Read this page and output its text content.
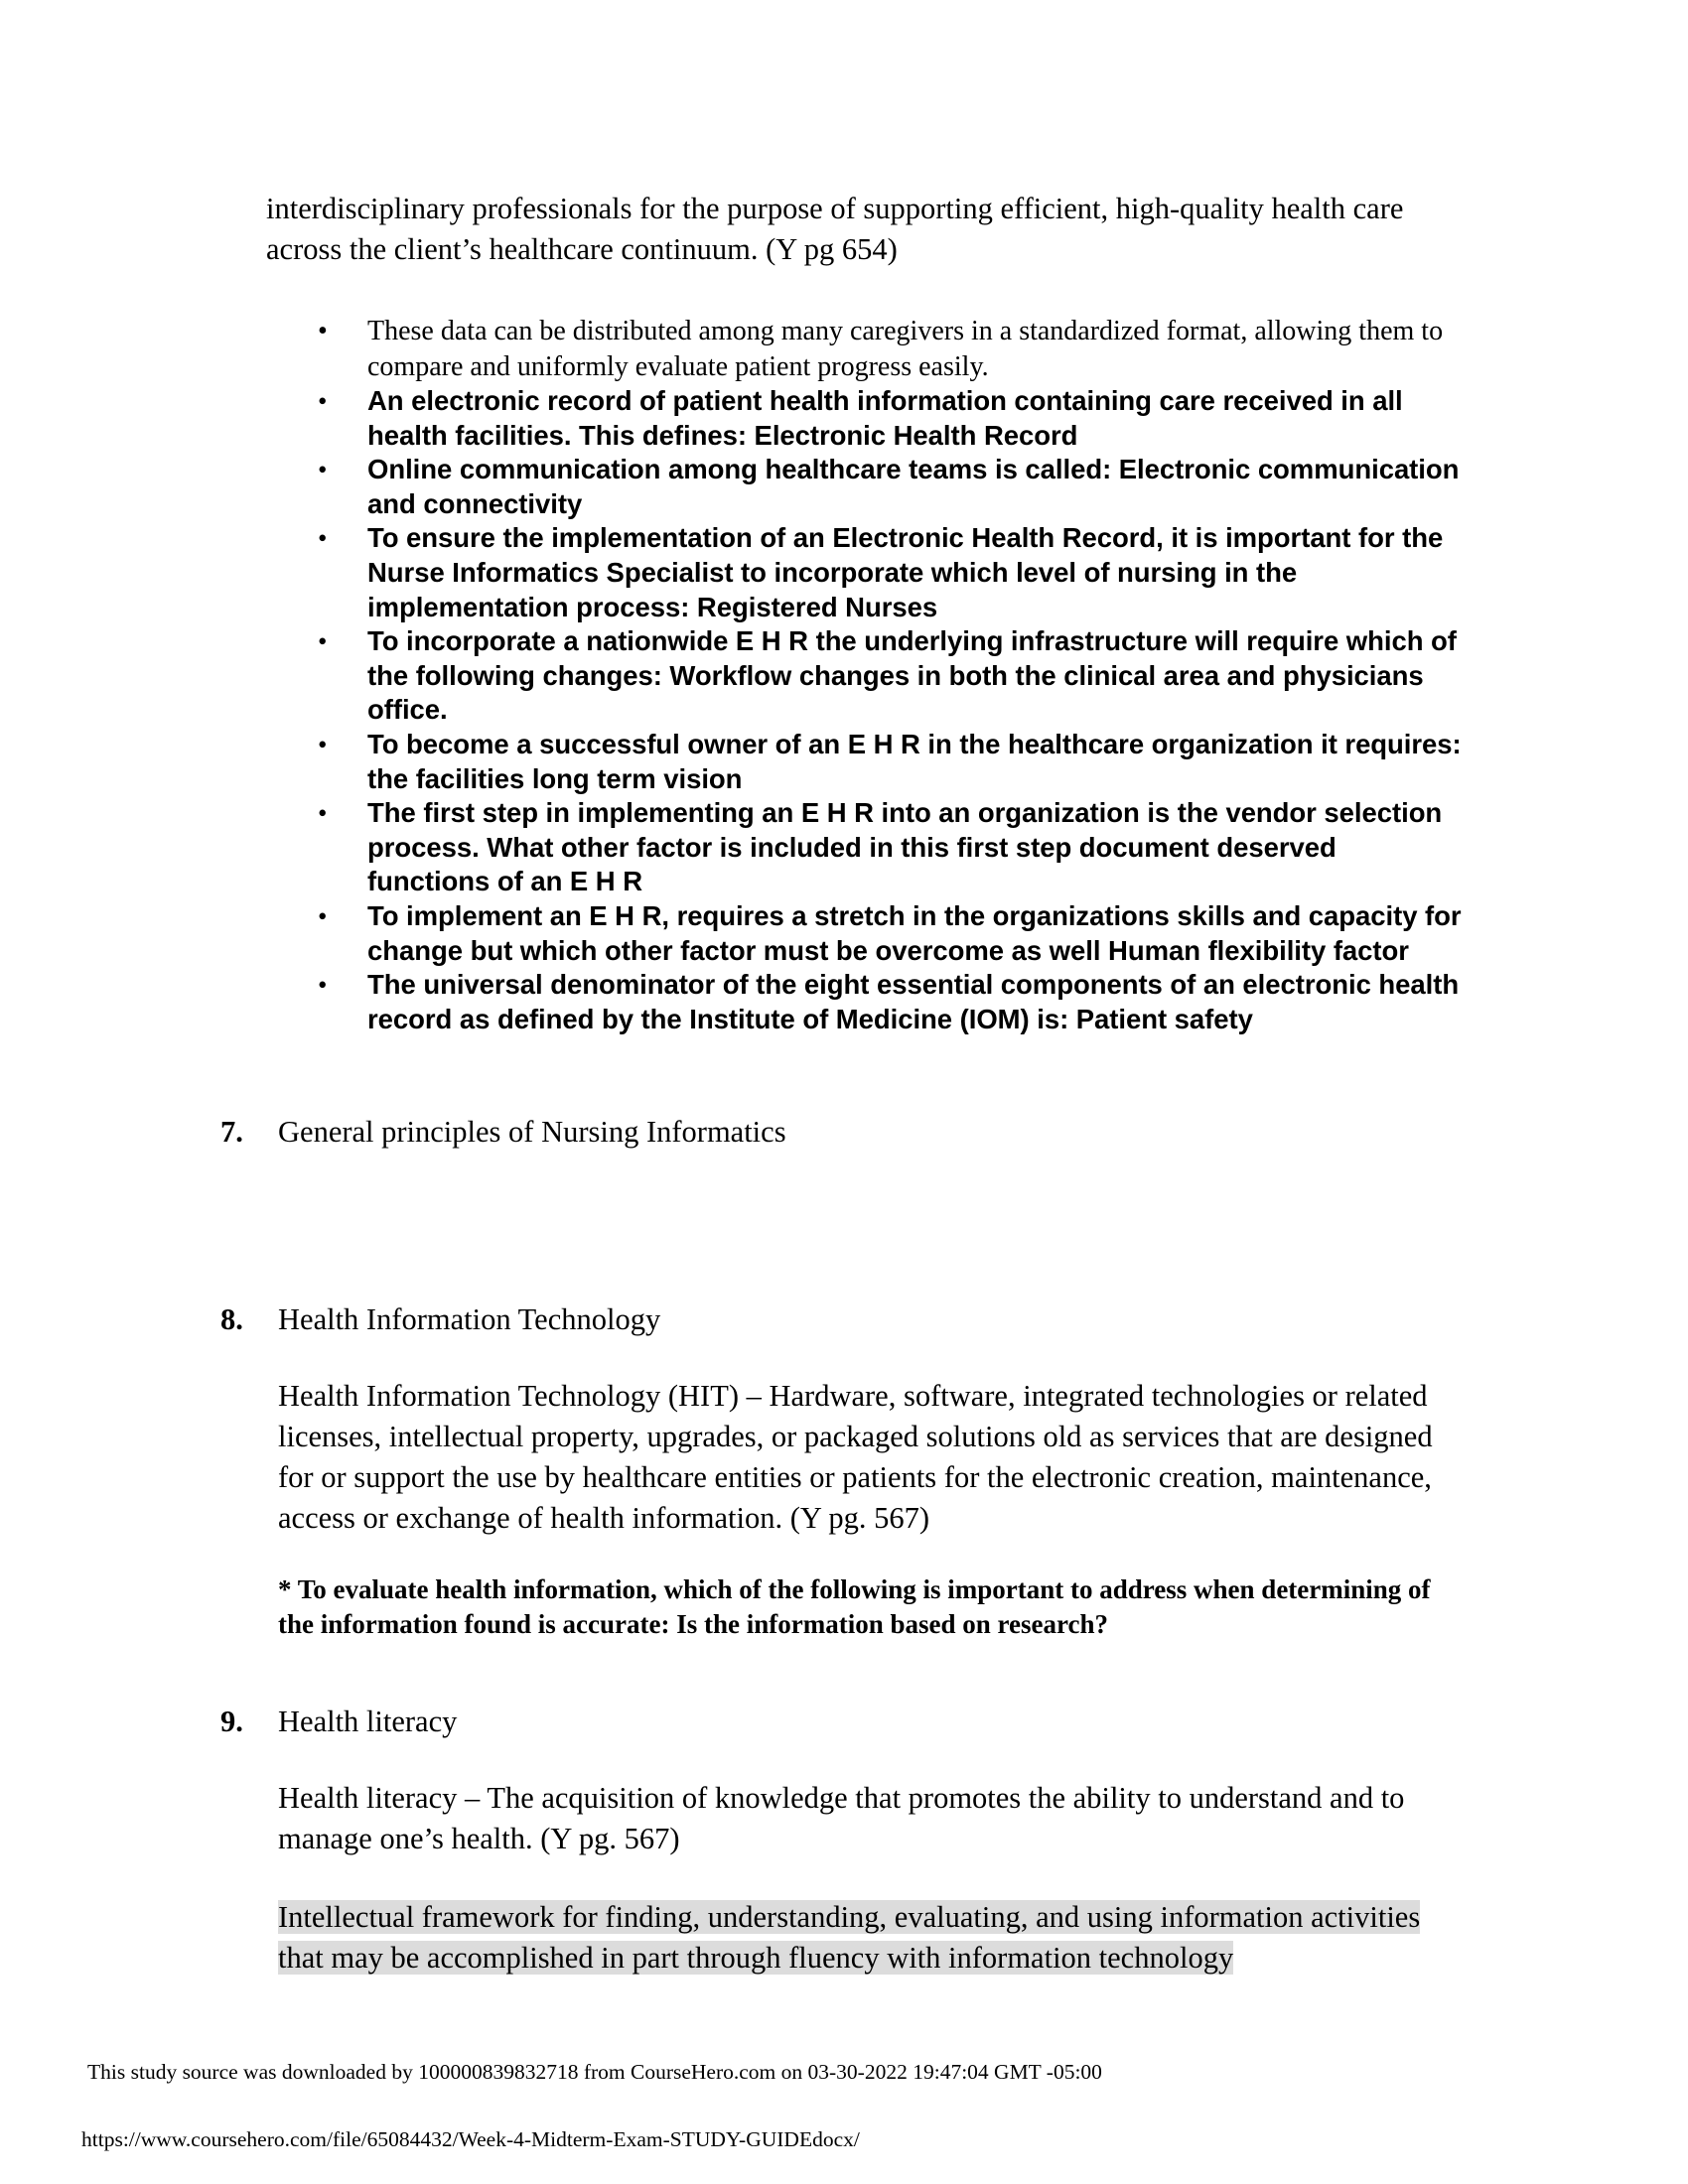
interdisciplinary professionals for the purpose of supporting efficient, high-quality health care across the client’s healthcare continuum. (Y pg 654)

•	These data can be distributed among many caregivers in a standardized format, allowing them to compare and uniformly evaluate patient progress easily.
•	An electronic record of patient health information containing care received in all health facilities. This defines: Electronic Health Record
•	Online communication among healthcare teams is called: Electronic communication and connectivity
•	To ensure the implementation of an Electronic Health Record, it is important for the Nurse Informatics Specialist to incorporate which level of nursing in the implementation process: Registered Nurses
•	To incorporate a nationwide E H R the underlying infrastructure will require which of the following changes: Workflow changes in both the clinical area and physicians office.
•	To become a successful owner of an E H R in the healthcare organization it requires: the facilities long term vision
•	The first step in implementing an E H R into an organization is the vendor selection process. What other factor is included in this first step document deserved functions of an E H R
•	To implement an E H R, requires a stretch in the organizations skills and capacity for change but which other factor must be overcome as well Human flexibility factor
•	The universal denominator of the eight essential components of an electronic health record as defined by the Institute of Medicine (IOM) is: Patient safety
7. General principles of Nursing Informatics
8. Health Information Technology

Health Information Technology (HIT) – Hardware, software, integrated technologies or related licenses, intellectual property, upgrades, or packaged solutions old as services that are designed for or support the use by healthcare entities or patients for the electronic creation, maintenance, access or exchange of health information. (Y pg. 567)

* To evaluate health information, which of the following is important to address when determining of the information found is accurate: Is the information based on research?

9. Health literacy

Health literacy – The acquisition of knowledge that promotes the ability to understand and to manage one’s health. (Y pg. 567)

Intellectual framework for finding, understanding, evaluating, and using information activities that may be accomplished in part through fluency with information technology

This study source was downloaded by 100000839832718 from CourseHero.com on 03-30-2022 19:47:04 GMT -05:00
https://www.coursehero.com/file/65084432/Week-4-Midterm-Exam-STUDY-GUIDEdocx/
